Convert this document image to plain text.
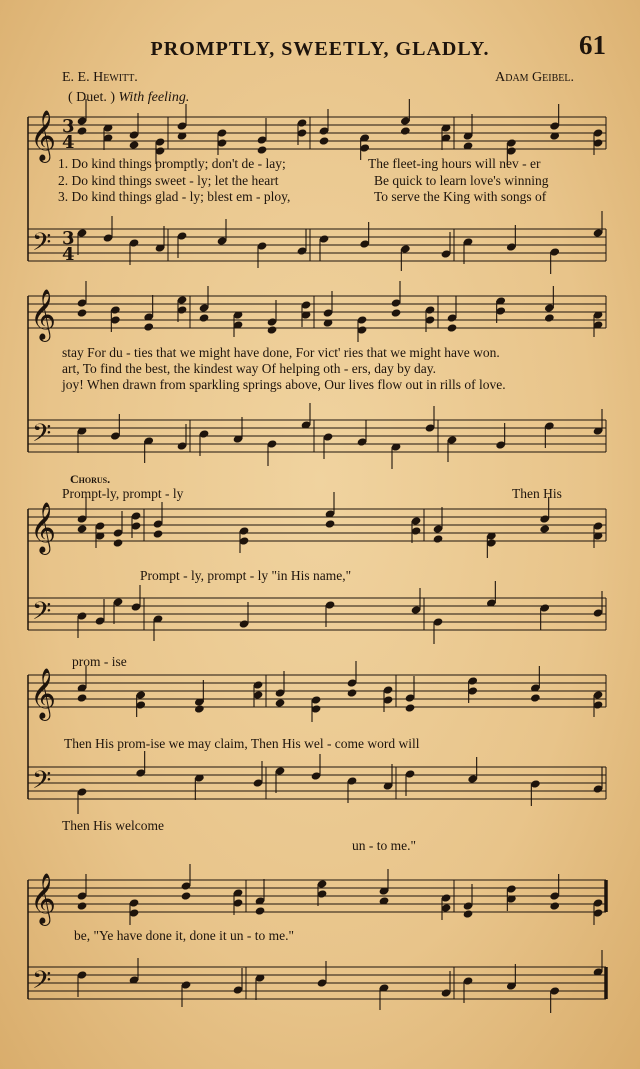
PROMPTLY, SWEETLY, GLADLY.	61
E. E. Hewitt.	Adam Geibel.
( Duet. ) With feeling.
1. Do kind things promptly; don't de - lay;	The fleet-ing hours will nev - er
2. Do kind things sweet - ly; let the heart	Be quick to learn love's winning
3. Do kind things glad - ly; blest em - ploy,	To serve the King with songs of
stay For du - ties that we might have done, For vict' ries that we might have won.
art, To find the best, the kindest way Of helping oth - ers, day by day.
joy! When drawn from sparkling springs above, Our lives flow out in rills of love.
Chorus.
Prompt-ly, prompt - ly	Then His
Prompt - ly, prompt - ly "in His name,"
prom - ise
Then His prom-ise we may claim, Then His wel - come word will
Then His welcome
un - to me."
be, "Ye have done it, done it un - to me."
𝄞
𝄢
𝄞
𝄢
𝄞
𝄢
𝄞
𝄢
𝄞
𝄢
3
4
3
4
